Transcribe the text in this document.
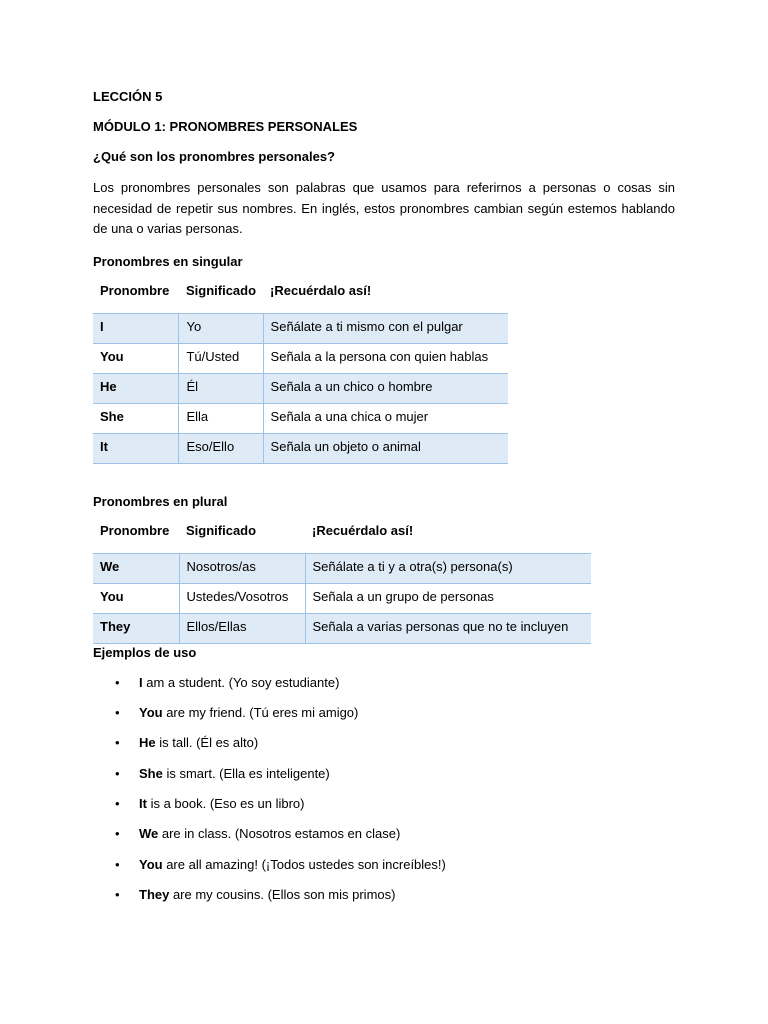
LECCIÓN 5

MÓDULO 1: PRONOMBRES PERSONALES

¿Qué son los pronombres personales?

Los pronombres personales son palabras que usamos para referirnos a personas o cosas sin necesidad de repetir sus nombres. En inglés, estos pronombres cambian según estemos hablando de una o varias personas.

Pronombres en singular

Pronombre	Significado	¡Recuérdalo así!
I	Yo	Señálate a ti mismo con el pulgar
You	Tú/Usted	Señala a la persona con quien hablas
He	Él	Señala a un chico o hombre
She	Ella	Señala a una chica o mujer
It	Eso/Ello	Señala un objeto o animal

Pronombres en plural

Pronombre	Significado	¡Recuérdalo así!
We	Nosotros/as	Señálate a ti y a otra(s) persona(s)
You	Ustedes/Vosotros	Señala a un grupo de personas
They	Ellos/Ellas	Señala a varias personas que no te incluyen

Ejemplos de uso

• I am a student. (Yo soy estudiante)
• You are my friend. (Tú eres mi amigo)
• He is tall. (Él es alto)
• She is smart. (Ella es inteligente)
• It is a book. (Eso es un libro)
• We are in class. (Nosotros estamos en clase)
• You are all amazing! (¡Todos ustedes son increíbles!)
• They are my cousins. (Ellos son mis primos)
